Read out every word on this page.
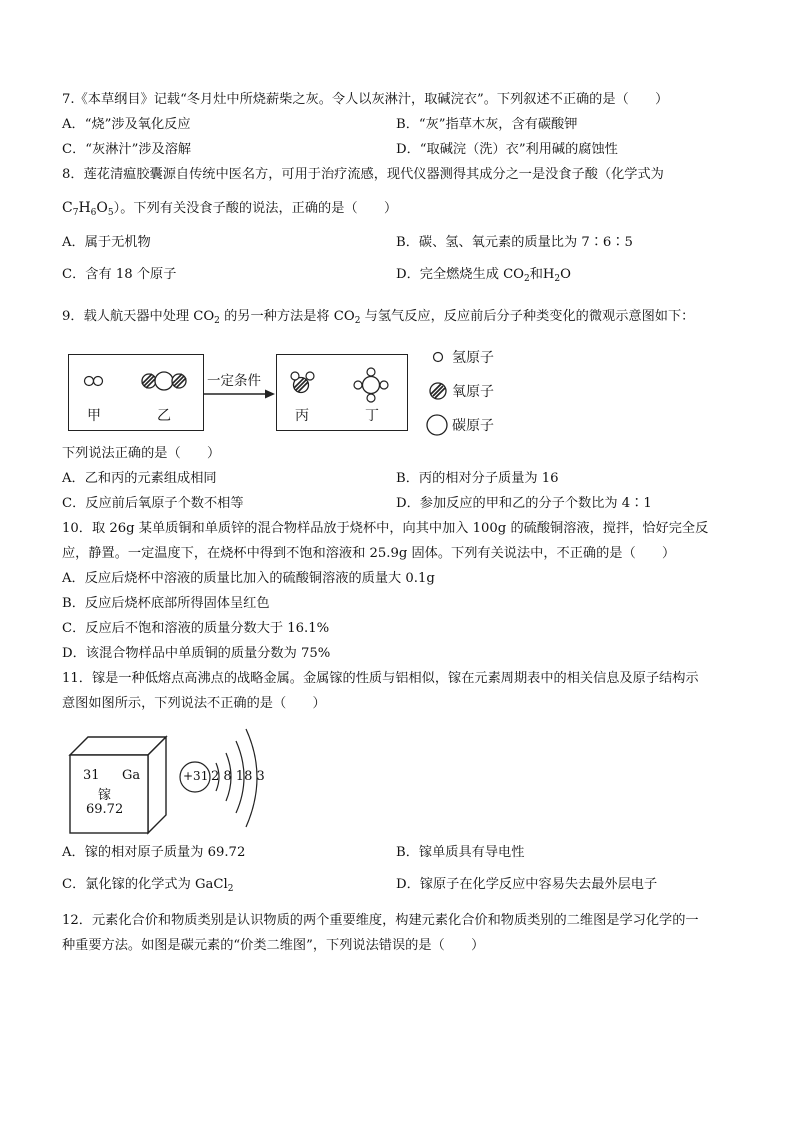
7.《本草纲目》记载“冬月灶中所烧薪柴之灰。令人以灰淋汁，取碱浣衣”。下列叙述不正确的是（　　）
A．“烧”涉及氧化反应	B．“灰”指草木灰，含有碳酸钾
C．“灰淋汁”涉及溶解	D．“取碱浣（洗）衣”利用碱的腐蚀性
8．莲花清瘟胶囊源自传统中医名方，可用于治疗流感，现代仪器测得其成分之一是没食子酸（化学式为
$C_7H_6O_5$）。下列有关没食子酸的说法，正确的是（　　）
A．属于无机物	B．碳、氢、氧元素的质量比为 7∶6∶5
C．含有 18 个原子	D．完全燃烧生成 $CO_2$和$H_2O$
9．载人航天器中处理 $CO_2$ 的另一种方法是将 $CO_2$ 与氢气反应，反应前后分子种类变化的微观示意图如下：
甲	乙
一定条件
丙	丁
氢原子
氧原子
碳原子
下列说法正确的是（　　）
A．乙和丙的元素组成相同	B．丙的相对分子质量为 16
C．反应前后氧原子个数不相等	D．参加反应的甲和乙的分子个数比为 4∶1
10．取 26g 某单质铜和单质锌的混合物样品放于烧杯中，向其中加入 100g 的硫酸铜溶液，搅拌，恰好完全反
应，静置。一定温度下，在烧杯中得到不饱和溶液和 25.9g 固体。下列有关说法中，不正确的是（　　）
A．反应后烧杯中溶液的质量比加入的硫酸铜溶液的质量大 0.1g
B．反应后烧杯底部所得固体呈红色
C．反应后不饱和溶液的质量分数大于 16.1%
D．该混合物样品中单质铜的质量分数为 75%
11．镓是一种低熔点高沸点的战略金属。金属镓的性质与铝相似，镓在元素周期表中的相关信息及原子结构示
意图如图所示，下列说法不正确的是（　　）
31 Ga
镓
69.72
+31 2 8 18 3
A．镓的相对原子质量为 69.72	B．镓单质具有导电性
C．氯化镓的化学式为 GaCl$_2$	D．镓原子在化学反应中容易失去最外层电子
12．元素化合价和物质类别是认识物质的两个重要维度，构建元素化合价和物质类别的二维图是学习化学的一
种重要方法。如图是碳元素的“价类二维图”，下列说法错误的是（　　）
